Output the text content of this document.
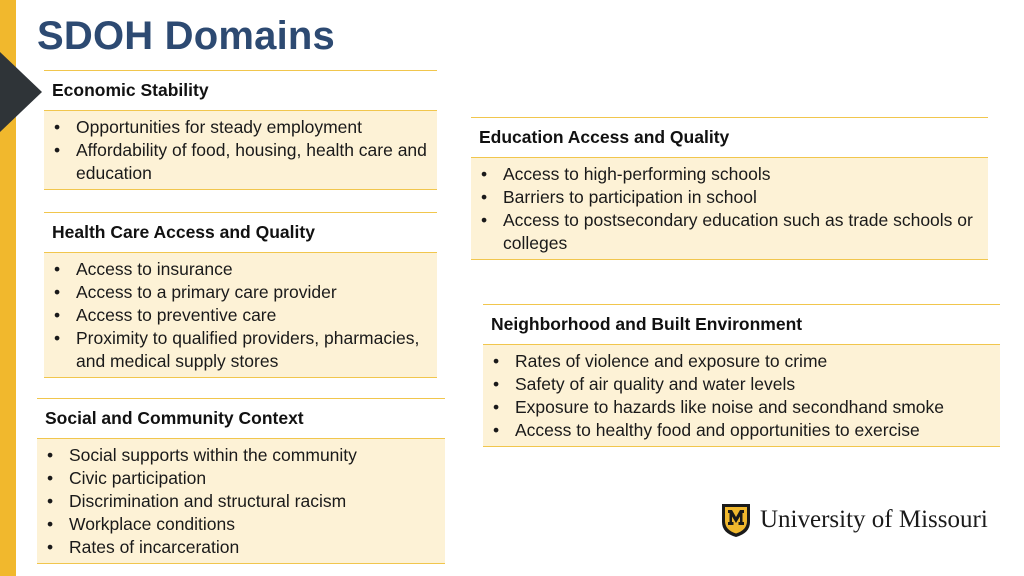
SDOH Domains
Economic Stability
• Opportunities for steady employment
• Affordability of food, housing, health care and education
Health Care Access and Quality
• Access to insurance
• Access to a primary care provider
• Access to preventive care
• Proximity to qualified providers, pharmacies, and medical supply stores
Social and Community Context
• Social supports within the community
• Civic participation
• Discrimination and structural racism
• Workplace conditions
• Rates of incarceration
Education Access and Quality
• Access to high-performing schools
• Barriers to participation in school
• Access to postsecondary education such as trade schools or colleges
Neighborhood and Built Environment
• Rates of violence and exposure to crime
• Safety of air quality and water levels
• Exposure to hazards like noise and secondhand smoke
• Access to healthy food and opportunities to exercise
University of Missouri
